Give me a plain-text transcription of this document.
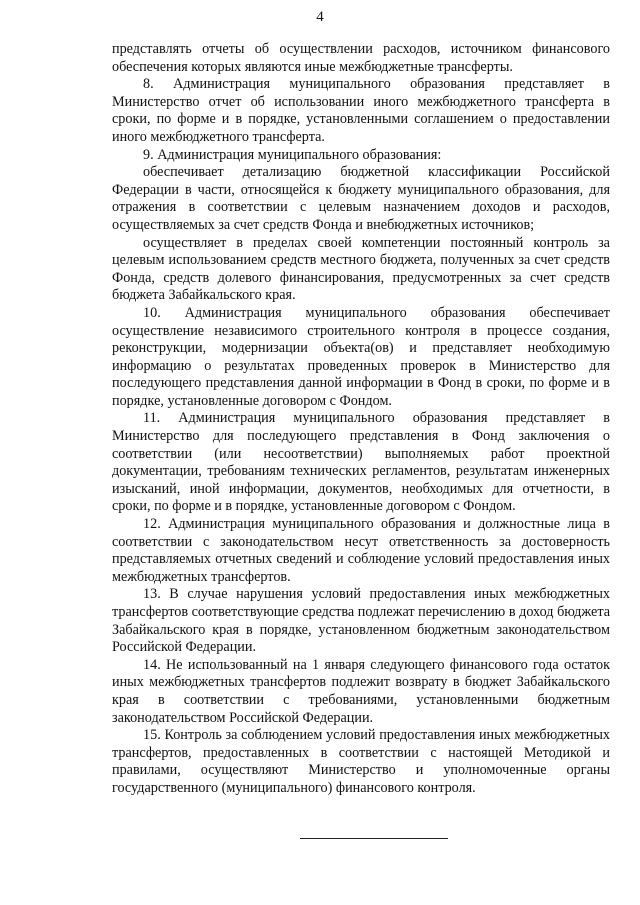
4

представлять отчеты об осуществлении расходов, источником финансового обеспечения которых являются иные межбюджетные трансферты.

8. Администрация муниципального образования представляет в Министерство отчет об использовании иного межбюджетного трансферта в сроки, по форме и в порядке, установленными соглашением о предоставлении иного межбюджетного трансферта.

9. Администрация муниципального образования:

обеспечивает детализацию бюджетной классификации Российской Федерации в части, относящейся к бюджету муниципального образования, для отражения в соответствии с целевым назначением доходов и расходов, осуществляемых за счет средств Фонда и внебюджетных источников;

осуществляет в пределах своей компетенции постоянный контроль за целевым использованием средств местного бюджета, полученных за счет средств Фонда, средств долевого финансирования, предусмотренных за счет средств бюджета Забайкальского края.

10. Администрация муниципального образования обеспечивает осуществление независимого строительного контроля в процессе создания, реконструкции, модернизации объекта(ов) и представляет необходимую информацию о результатах проведенных проверок в Министерство для последующего представления данной информации в Фонд в сроки, по форме и в порядке, установленные договором с Фондом.

11. Администрация муниципального образования представляет в Министерство для последующего представления в Фонд заключения о соответствии (или несоответствии) выполняемых работ проектной документации, требованиям технических регламентов, результатам инженерных изысканий, иной информации, документов, необходимых для отчетности, в сроки, по форме и в порядке, установленные договором с Фондом.

12. Администрация муниципального образования и должностные лица в соответствии с законодательством несут ответственность за достоверность представляемых отчетных сведений и соблюдение условий предоставления иных межбюджетных трансфертов.

13. В случае нарушения условий предоставления иных межбюджетных трансфертов соответствующие средства подлежат перечислению в доход бюджета Забайкальского края в порядке, установленном бюджетным законодательством Российской Федерации.

14. Не использованный на 1 января следующего финансового года остаток иных межбюджетных трансфертов подлежит возврату в бюджет Забайкальского края в соответствии с требованиями, установленными бюджетным законодательством Российской Федерации.

15. Контроль за соблюдением условий предоставления иных межбюджетных трансфертов, предоставленных в соответствии с настоящей Методикой и правилами, осуществляют Министерство и уполномоченные органы государственного (муниципального) финансового контроля.
